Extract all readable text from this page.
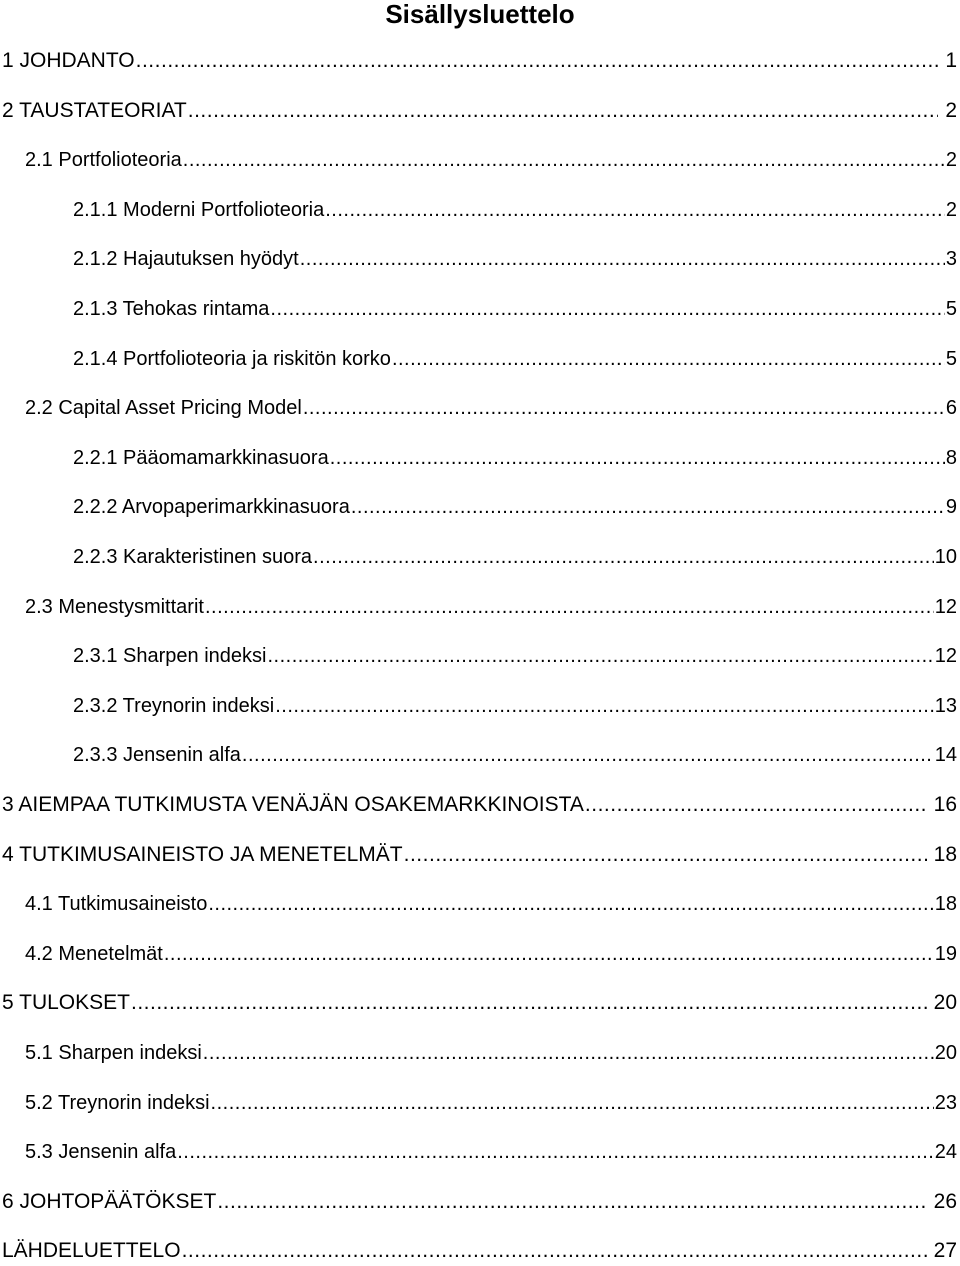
Sisällysluettelo
1 JOHDANTO .....	1
2 TAUSTATEORIAT .....	2
2.1 Portfolioteoria .....	2
2.1.1 Moderni Portfolioteoria .....	2
2.1.2 Hajautuksen hyödyt .....	3
2.1.3 Tehokas rintama .....	5
2.1.4 Portfolioteoria ja riskitön korko .....	5
2.2 Capital Asset Pricing Model .....	6
2.2.1 Pääomamarkkinasuora .....	8
2.2.2 Arvopaperimarkkinasuora .....	9
2.2.3 Karakteristinen suora .....	10
2.3 Menestysmittarit .....	12
2.3.1 Sharpen indeksi .....	12
2.3.2 Treynorin indeksi .....	13
2.3.3 Jensenin alfa .....	14
3 AIEMPAA TUTKIMUSTA VENÄJÄN OSAKEMARKKINOISTA .....	16
4 TUTKIMUSAINEISTO JA MENETELMÄT .....	18
4.1 Tutkimusaineisto .....	18
4.2 Menetelmät .....	19
5 TULOKSET .....	20
5.1 Sharpen indeksi .....	20
5.2 Treynorin indeksi .....	23
5.3 Jensenin alfa .....	24
6 JOHTOPÄÄTÖKSET .....	26
LÄHDELUETTELO .....	27
